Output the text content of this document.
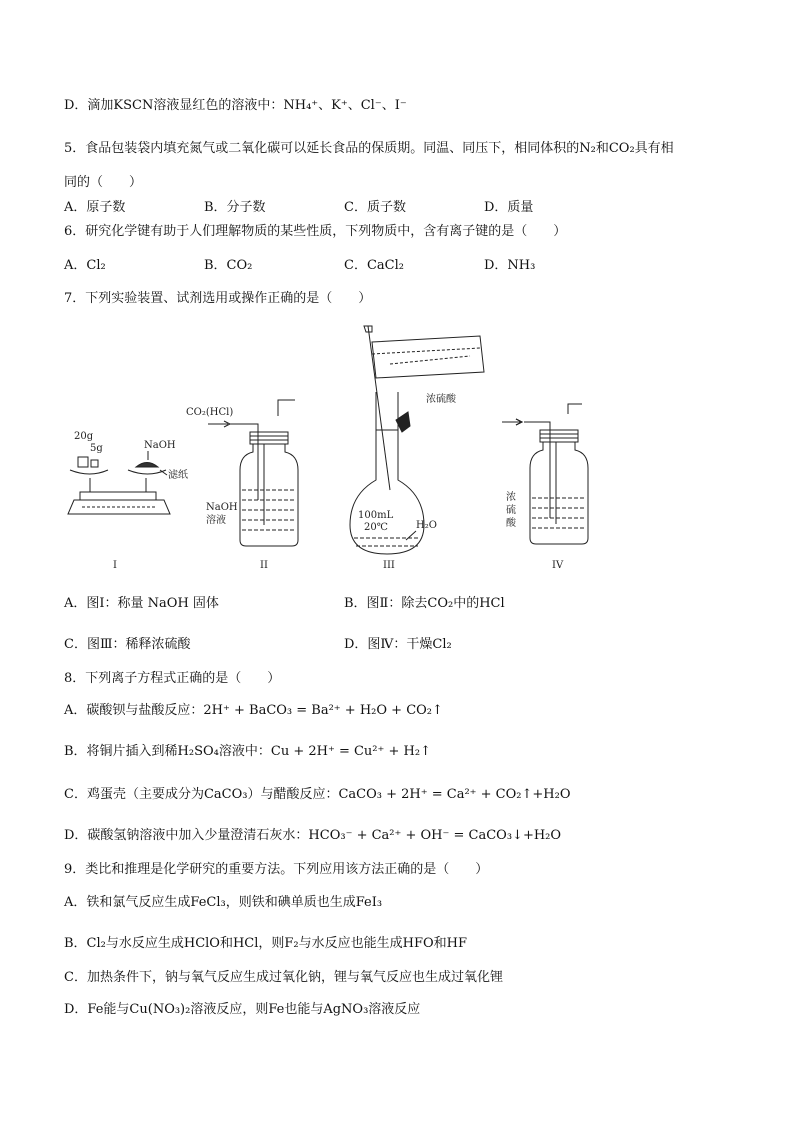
D．滴加KSCN溶液显红色的溶液中：NH₄⁺、K⁺、Cl⁻、I⁻
5．食品包装袋内填充氮气或二氧化碳可以延长食品的保质期。同温、同压下，相同体积的N₂和CO₂具有相
同的（　　）
A．原子数	B．分子数	C．质子数	D．质量
6．研究化学键有助于人们理解物质的某些性质，下列物质中，含有离子键的是（　　）
A．Cl₂	B．CO₂	C．CaCl₂	D．NH₃
7．下列实验装置、试剂选用或操作正确的是（　　）
20g
5g	NaOH
滤纸
I
CO₂(HCl)
NaOH
溶液
II
浓硫酸
100mL
20℃	H₂O
III
浓
硫
酸
IV
A．图Ⅰ：称量 NaOH 固体	B．图Ⅱ：除去CO₂中的HCl
C．图Ⅲ：稀释浓硫酸	D．图Ⅳ：干燥Cl₂
8．下列离子方程式正确的是（　　）
A．碳酸钡与盐酸反应：2H⁺ + BaCO₃ = Ba²⁺ + H₂O + CO₂↑
B．将铜片插入到稀H₂SO₄溶液中：Cu + 2H⁺ = Cu²⁺ + H₂↑
C．鸡蛋壳（主要成分为CaCO₃）与醋酸反应：CaCO₃ + 2H⁺ = Ca²⁺ + CO₂↑+H₂O
D．碳酸氢钠溶液中加入少量澄清石灰水：HCO₃⁻ + Ca²⁺ + OH⁻ = CaCO₃↓+H₂O
9．类比和推理是化学研究的重要方法。下列应用该方法正确的是（　　）
A．铁和氯气反应生成FeCl₃，则铁和碘单质也生成FeI₃
B．Cl₂与水反应生成HClO和HCl，则F₂与水反应也能生成HFO和HF
C．加热条件下，钠与氧气反应生成过氧化钠，锂与氧气反应也生成过氧化锂
D．Fe能与Cu(NO₃)₂溶液反应，则Fe也能与AgNO₃溶液反应
